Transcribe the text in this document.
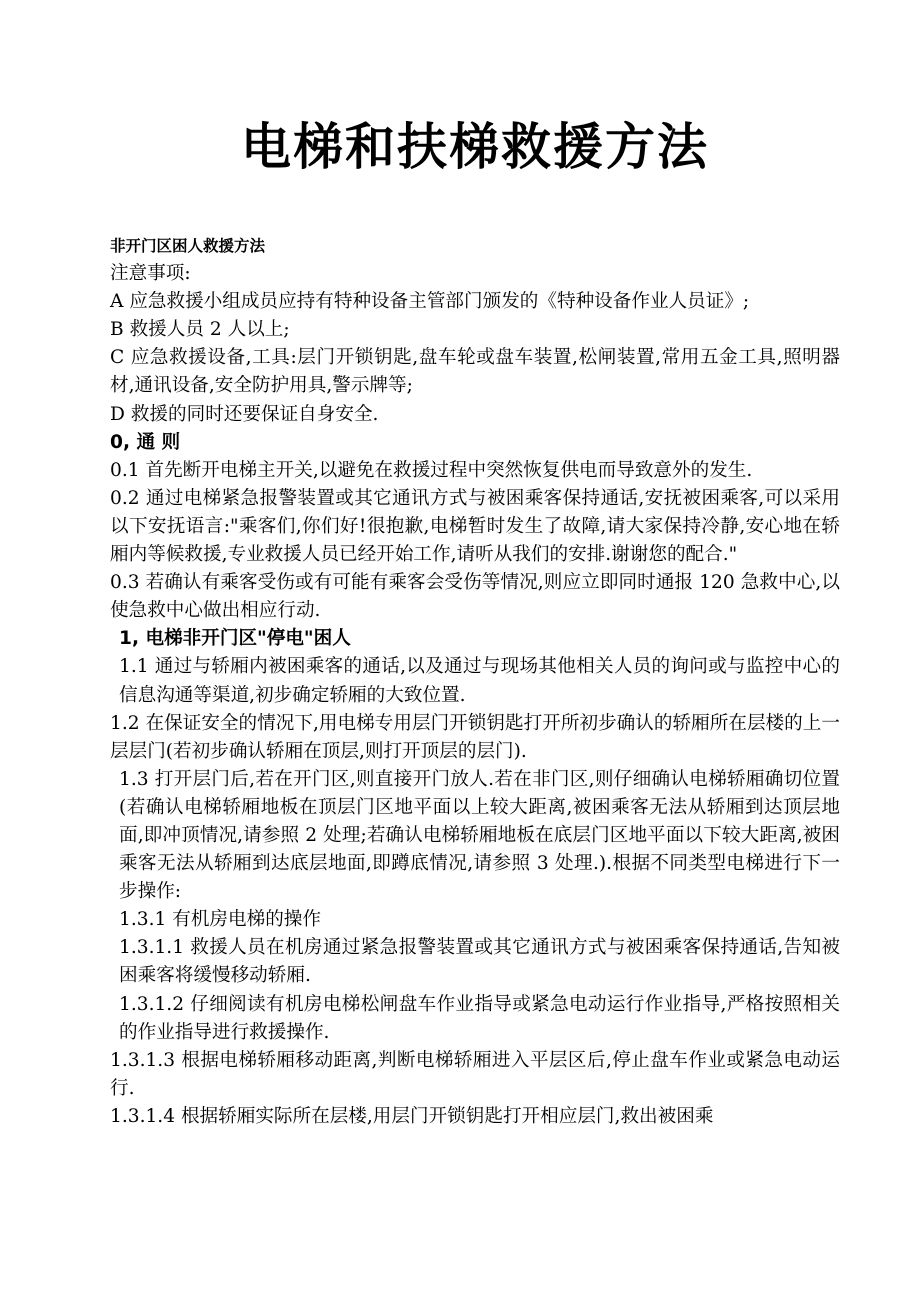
电梯和扶梯救援方法

非开门区困人救援方法

注意事项:

A 应急救援小组成员应持有特种设备主管部门颁发的《特种设备作业人员证》;

B 救援人员 2 人以上;

C 应急救援设备,工具:层门开锁钥匙,盘车轮或盘车装置,松闸装置,常用五金工具,照明器材,通讯设备,安全防护用具,警示牌等;

D 救援的同时还要保证自身安全.

0, 通 则

0.1 首先断开电梯主开关,以避免在救援过程中突然恢复供电而导致意外的发生.

0.2 通过电梯紧急报警装置或其它通讯方式与被困乘客保持通话,安抚被困乘客,可以采用以下安抚语言:"乘客们,你们好!很抱歉,电梯暂时发生了故障,请大家保持冷静,安心地在轿厢内等候救援,专业救援人员已经开始工作,请听从我们的安排.谢谢您的配合."

0.3 若确认有乘客受伤或有可能有乘客会受伤等情况,则应立即同时通报 120 急救中心,以使急救中心做出相应行动.

1, 电梯非开门区"停电"困人

1.1 通过与轿厢内被困乘客的通话,以及通过与现场其他相关人员的询问或与监控中心的信息沟通等渠道,初步确定轿厢的大致位置.

1.2 在保证安全的情况下,用电梯专用层门开锁钥匙打开所初步确认的轿厢所在层楼的上一层层门(若初步确认轿厢在顶层,则打开顶层的层门).

1.3 打开层门后,若在开门区,则直接开门放人.若在非门区,则仔细确认电梯轿厢确切位置(若确认电梯轿厢地板在顶层门区地平面以上较大距离,被困乘客无法从轿厢到达顶层地面,即冲顶情况,请参照 2 处理;若确认电梯轿厢地板在底层门区地平面以下较大距离,被困乘客无法从轿厢到达底层地面,即蹲底情况,请参照 3 处理.).根据不同类型电梯进行下一步操作:

1.3.1 有机房电梯的操作

1.3.1.1 救援人员在机房通过紧急报警装置或其它通讯方式与被困乘客保持通话,告知被困乘客将缓慢移动轿厢.

1.3.1.2 仔细阅读有机房电梯松闸盘车作业指导或紧急电动运行作业指导,严格按照相关的作业指导进行救援操作.

1.3.1.3 根据电梯轿厢移动距离,判断电梯轿厢进入平层区后,停止盘车作业或紧急电动运行.

1.3.1.4 根据轿厢实际所在层楼,用层门开锁钥匙打开相应层门,救出被困乘
